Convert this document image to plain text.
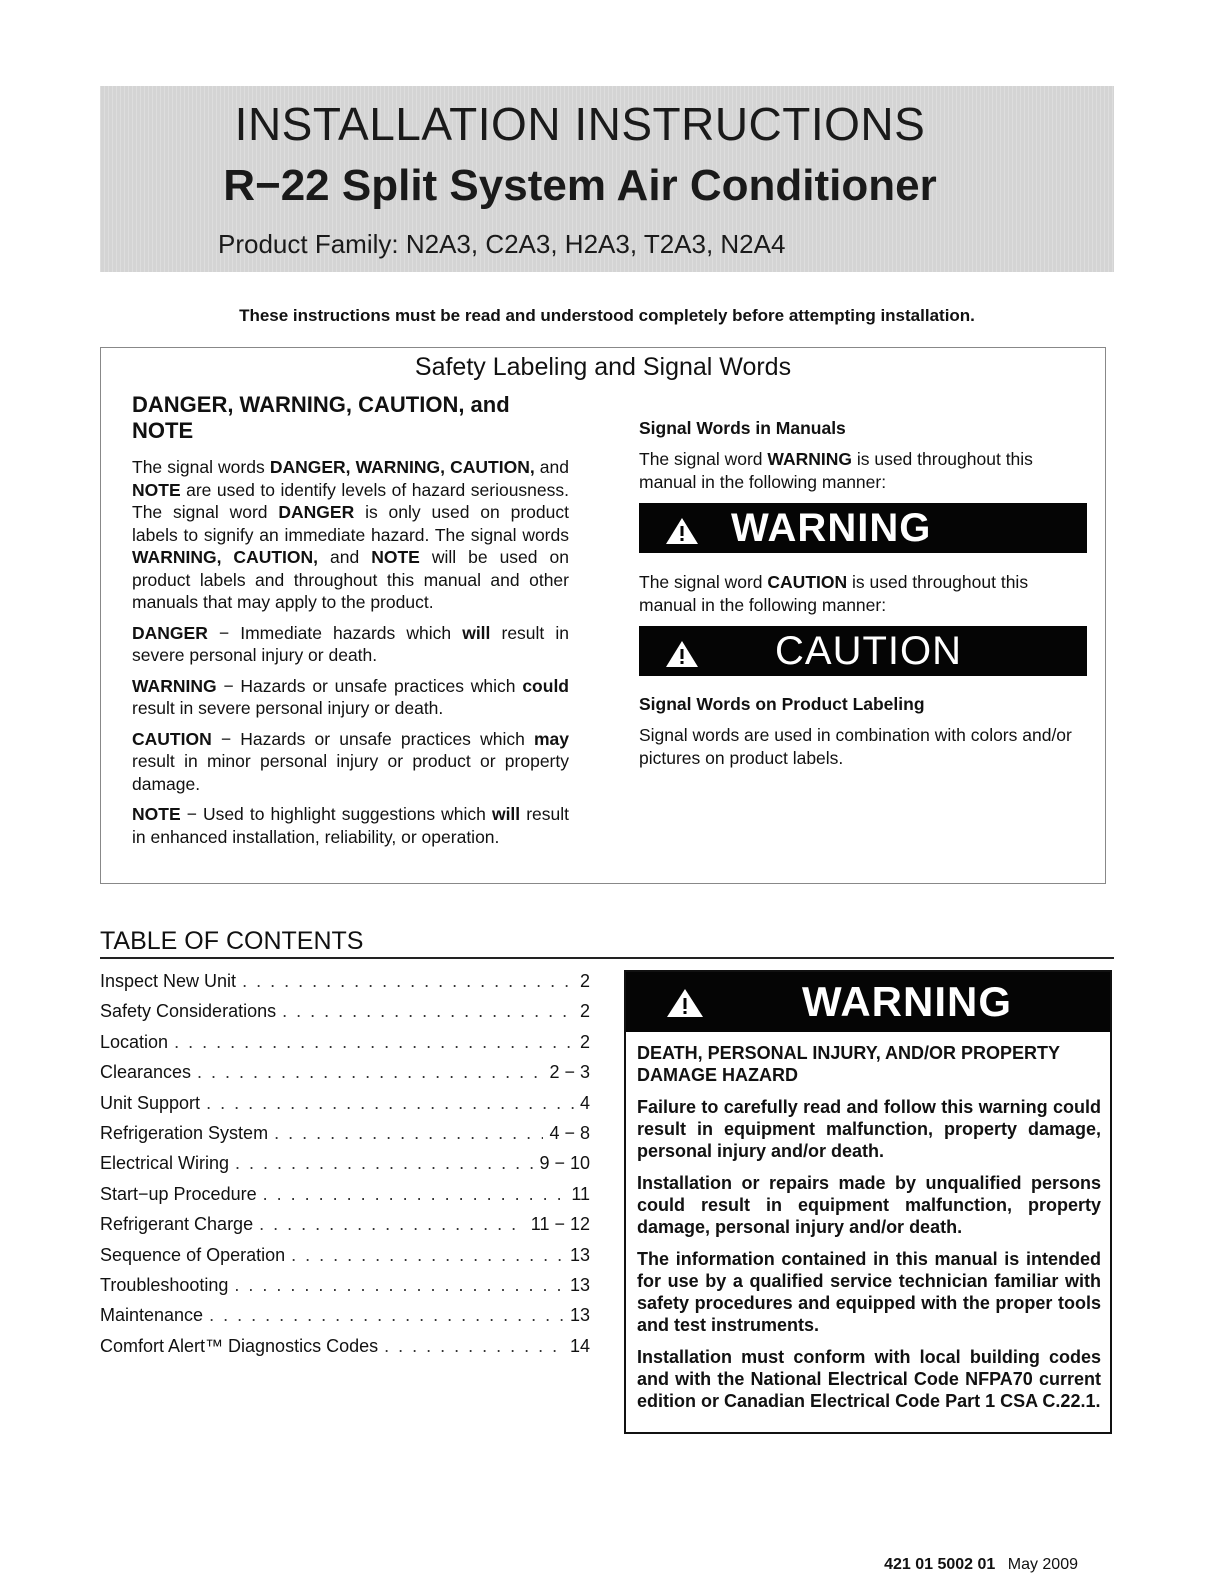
INSTALLATION INSTRUCTIONS
R−22 Split System Air Conditioner
Product Family: N2A3, C2A3, H2A3, T2A3, N2A4
These instructions must be read and understood completely before attempting installation.
Safety Labeling and Signal Words
DANGER, WARNING, CAUTION, and NOTE

The signal words DANGER, WARNING, CAUTION, and NOTE are used to identify levels of hazard seriousness. The signal word DANGER is only used on product labels to signify an immediate hazard. The signal words WARNING, CAUTION, and NOTE will be used on product labels and throughout this manual and other manuals that may apply to the product.

DANGER − Immediate hazards which will result in severe personal injury or death.

WARNING − Hazards or unsafe practices which could result in severe personal injury or death.

CAUTION − Hazards or unsafe practices which may result in minor personal injury or product or property damage.

NOTE − Used to highlight suggestions which will result in enhanced installation, reliability, or operation.

Signal Words in Manuals

The signal word WARNING is used throughout this manual in the following manner:

WARNING

The signal word CAUTION is used throughout this manual in the following manner:

CAUTION
Signal Words on Product Labeling

Signal words are used in combination with colors and/or pictures on product labels.

TABLE OF CONTENTS
Inspect New Unit . . .	2
Safety Considerations . . .	2
Location . . .	2
Clearances . . .	2 − 3
Unit Support . . .	4
Refrigeration System . . .	4 − 8
Electrical Wiring . . .	9 − 10
Start−up Procedure . . .	11
Refrigerant Charge . . .	11 − 12
Sequence of Operation . . .	13
Troubleshooting . . .	13
Maintenance . . .	13
Comfort Alert™ Diagnostics Codes . . .	14
WARNING

DEATH, PERSONAL INJURY, AND/OR PROPERTY DAMAGE HAZARD

Failure to carefully read and follow this warning could result in equipment malfunction, property damage, personal injury and/or death.

Installation or repairs made by unqualified persons could result in equipment malfunction, property damage, personal injury and/or death.

The information contained in this manual is intended for use by a qualified service technician familiar with safety procedures and equipped with the proper tools and test instruments.

Installation must conform with local building codes and with the National Electrical Code NFPA70 current edition or Canadian Electrical Code Part 1 CSA C.22.1.

421 01 5002 01 May 2009
